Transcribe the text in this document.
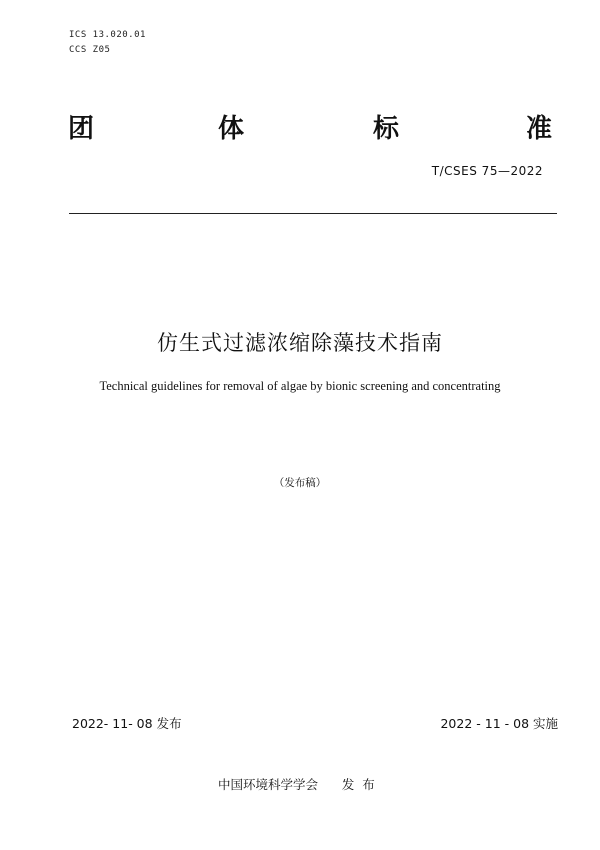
ICS 13.020.01
CCS Z05
团	体	标	准
T/CSES 75—2022
仿生式过滤浓缩除藻技术指南
Technical guidelines for removal of algae by bionic screening and concentrating
（发布稿）
2022- 11- 08 发布	2022 - 11 - 08 实施
中国环境科学学会      发  布
